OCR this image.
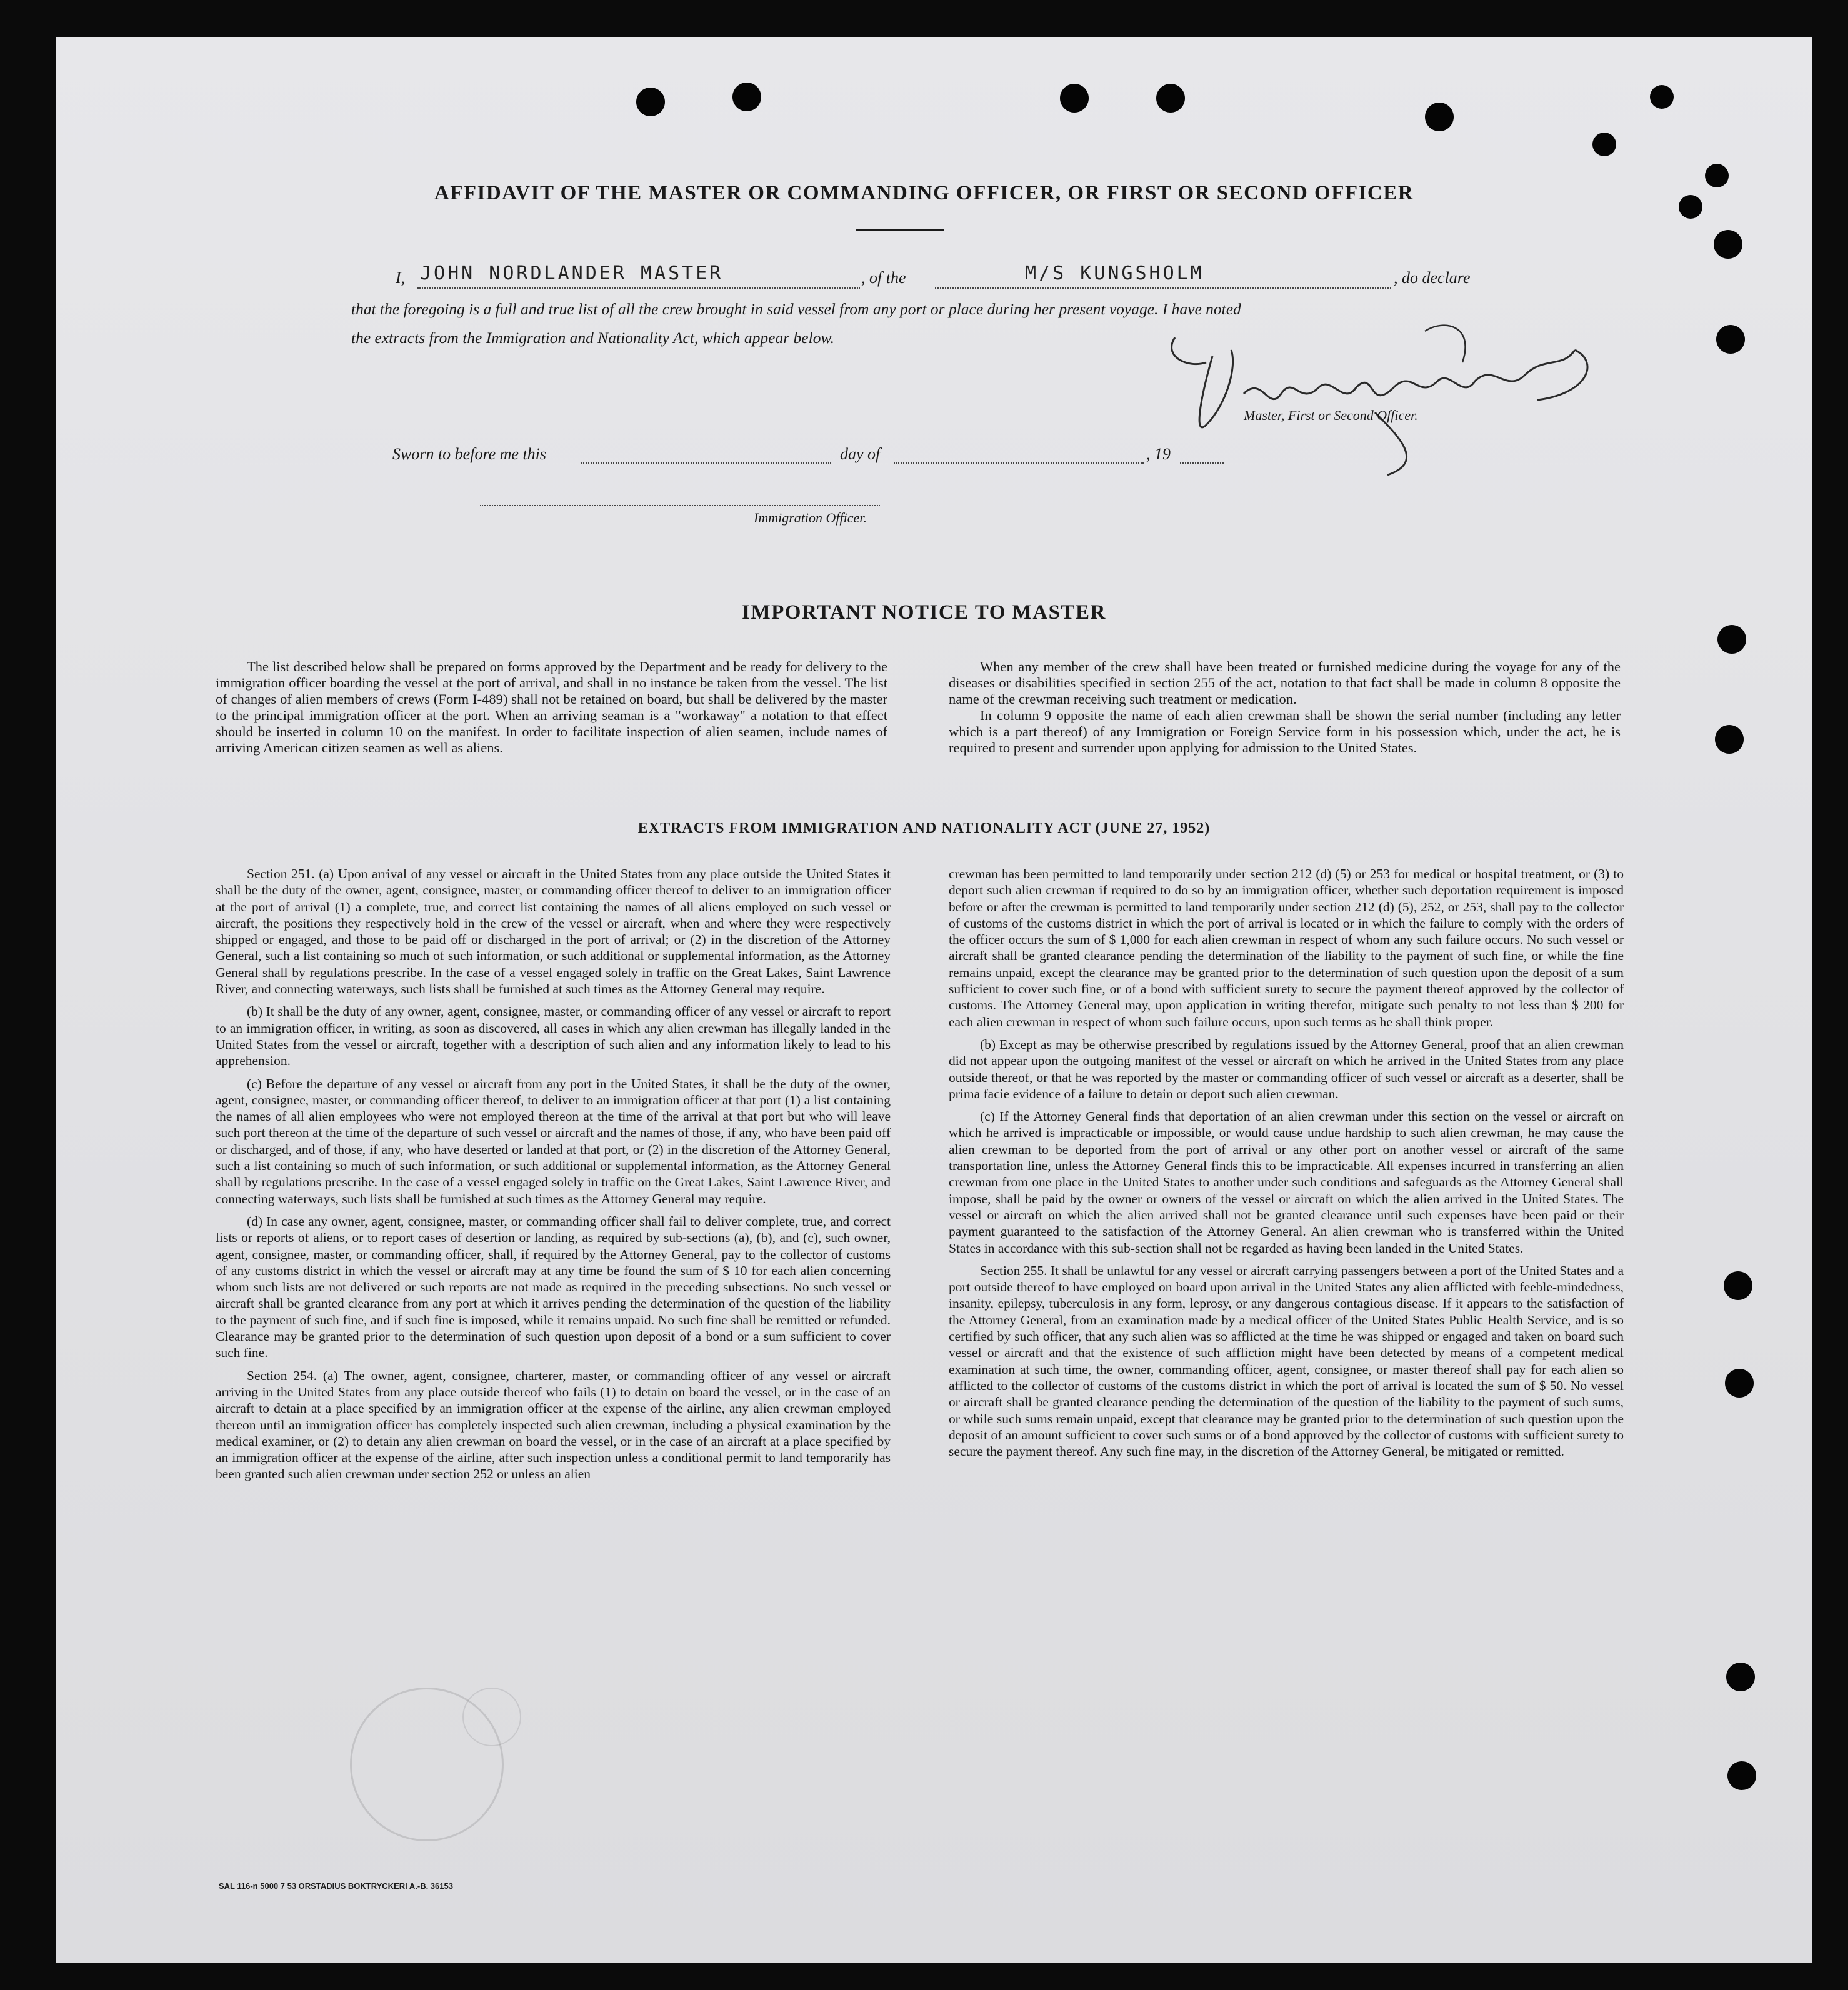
AFFIDAVIT OF THE MASTER OR COMMANDING OFFICER, OR FIRST OR SECOND OFFICER
I, JOHN NORDLANDER MASTER	, of the	M/S KUNGSHOLM	, do declare
that the foregoing is a full and true list of all the crew brought in said vessel from any port or place during her present voyage. I have noted
the extracts from the Immigration and Nationality Act, which appear below.
Master, First or Second Officer.
Sworn to before me this	day of	, 19
Immigration Officer.
IMPORTANT NOTICE TO MASTER

The list described below shall be prepared on forms approved by the Department and be ready for delivery to the immigration officer boarding the vessel at the port of arrival, and shall in no instance be taken from the vessel. The list of changes of alien members of crews (Form I-489) shall not be retained on board, but shall be delivered by the master to the principal immigration officer at the port. When an arriving seaman is a "workaway" a notation to that effect should be inserted in column 10 on the manifest. In order to facilitate inspection of alien seamen, include names of arriving American citizen seamen as well as aliens.

When any member of the crew shall have been treated or furnished medicine during the voyage for any of the diseases or disabilities specified in section 255 of the act, notation to that fact shall be made in column 8 opposite the name of the crewman receiving such treatment or medication.

In column 9 opposite the name of each alien crewman shall be shown the serial number (including any letter which is a part thereof) of any Immigration or Foreign Service form in his possession which, under the act, he is required to present and surrender upon applying for admission to the United States.

EXTRACTS FROM IMMIGRATION AND NATIONALITY ACT (JUNE 27, 1952)

Section 251. (a) Upon arrival of any vessel or aircraft in the United States from any place outside the United States it shall be the duty of the owner, agent, consignee, master, or commanding officer thereof to deliver to an immigration officer at the port of arrival (1) a complete, true, and correct list containing the names of all aliens employed on such vessel or aircraft, the positions they respectively hold in the crew of the vessel or aircraft, when and where they were respectively shipped or engaged, and those to be paid off or discharged in the port of arrival; or (2) in the discretion of the Attorney General, such a list containing so much of such information, or such additional or supplemental information, as the Attorney General shall by regulations prescribe. In the case of a vessel engaged solely in traffic on the Great Lakes, Saint Lawrence River, and connecting waterways, such lists shall be furnished at such times as the Attorney General may require.

(b) It shall be the duty of any owner, agent, consignee, master, or commanding officer of any vessel or aircraft to report to an immigration officer, in writing, as soon as discovered, all cases in which any alien crewman has illegally landed in the United States from the vessel or aircraft, together with a description of such alien and any information likely to lead to his apprehension.

(c) Before the departure of any vessel or aircraft from any port in the United States, it shall be the duty of the owner, agent, consignee, master, or commanding officer thereof, to deliver to an immigration officer at that port (1) a list containing the names of all alien employees who were not employed thereon at the time of the arrival at that port but who will leave such port thereon at the time of the departure of such vessel or aircraft and the names of those, if any, who have been paid off or discharged, and of those, if any, who have deserted or landed at that port, or (2) in the discretion of the Attorney General, such a list containing so much of such information, or such additional or supplemental information, as the Attorney General shall by regulations prescribe. In the case of a vessel engaged solely in traffic on the Great Lakes, Saint Lawrence River, and connecting waterways, such lists shall be furnished at such times as the Attorney General may require.

(d) In case any owner, agent, consignee, master, or commanding officer shall fail to deliver complete, true, and correct lists or reports of aliens, or to report cases of desertion or landing, as required by sub-sections (a), (b), and (c), such owner, agent, consignee, master, or commanding officer, shall, if required by the Attorney General, pay to the collector of customs of any customs district in which the vessel or aircraft may at any time be found the sum of $ 10 for each alien concerning whom such lists are not delivered or such reports are not made as required in the preceding subsections. No such vessel or aircraft shall be granted clearance from any port at which it arrives pending the determination of the question of the liability to the payment of such fine, and if such fine is imposed, while it remains unpaid. No such fine shall be remitted or refunded. Clearance may be granted prior to the determination of such question upon deposit of a bond or a sum sufficient to cover such fine.

Section 254. (a) The owner, agent, consignee, charterer, master, or commanding officer of any vessel or aircraft arriving in the United States from any place outside thereof who fails (1) to detain on board the vessel, or in the case of an aircraft to detain at a place specified by an immigration officer at the expense of the airline, any alien crewman employed thereon until an immigration officer has completely inspected such alien crewman, including a physical examination by the medical examiner, or (2) to detain any alien crewman on board the vessel, or in the case of an aircraft at a place specified by an immigration officer at the expense of the airline, after such inspection unless a conditional permit to land temporarily has been granted such alien crewman under section 252 or unless an alien

crewman has been permitted to land temporarily under section 212 (d) (5) or 253 for medical or hospital treatment, or (3) to deport such alien crewman if required to do so by an immigration officer, whether such deportation requirement is imposed before or after the crewman is permitted to land temporarily under section 212 (d) (5), 252, or 253, shall pay to the collector of customs of the customs district in which the port of arrival is located or in which the failure to comply with the orders of the officer occurs the sum of $ 1,000 for each alien crewman in respect of whom any such failure occurs. No such vessel or aircraft shall be granted clearance pending the determination of the liability to the payment of such fine, or while the fine remains unpaid, except the clearance may be granted prior to the determination of such question upon the deposit of a sum sufficient to cover such fine, or of a bond with sufficient surety to secure the payment thereof approved by the collector of customs. The Attorney General may, upon application in writing therefor, mitigate such penalty to not less than $ 200 for each alien crewman in respect of whom such failure occurs, upon such terms as he shall think proper.

(b) Except as may be otherwise prescribed by regulations issued by the Attorney General, proof that an alien crewman did not appear upon the outgoing manifest of the vessel or aircraft on which he arrived in the United States from any place outside thereof, or that he was reported by the master or commanding officer of such vessel or aircraft as a deserter, shall be prima facie evidence of a failure to detain or deport such alien crewman.

(c) If the Attorney General finds that deportation of an alien crewman under this section on the vessel or aircraft on which he arrived is impracticable or impossible, or would cause undue hardship to such alien crewman, he may cause the alien crewman to be deported from the port of arrival or any other port on another vessel or aircraft of the same transportation line, unless the Attorney General finds this to be impracticable. All expenses incurred in transferring an alien crewman from one place in the United States to another under such conditions and safeguards as the Attorney General shall impose, shall be paid by the owner or owners of the vessel or aircraft on which the alien arrived in the United States. The vessel or aircraft on which the alien arrived shall not be granted clearance until such expenses have been paid or their payment guaranteed to the satisfaction of the Attorney General. An alien crewman who is transferred within the United States in accordance with this sub-section shall not be regarded as having been landed in the United States.

Section 255. It shall be unlawful for any vessel or aircraft carrying passengers between a port of the United States and a port outside thereof to have employed on board upon arrival in the United States any alien afflicted with feeble-mindedness, insanity, epilepsy, tuberculosis in any form, leprosy, or any dangerous contagious disease. If it appears to the satisfaction of the Attorney General, from an examination made by a medical officer of the United States Public Health Service, and is so certified by such officer, that any such alien was so afflicted at the time he was shipped or engaged and taken on board such vessel or aircraft and that the existence of such affliction might have been detected by means of a competent medical examination at such time, the owner, commanding officer, agent, consignee, or master thereof shall pay for each alien so afflicted to the collector of customs of the customs district in which the port of arrival is located the sum of $ 50. No vessel or aircraft shall be granted clearance pending the determination of the question of the liability to the payment of such sums, or while such sums remain unpaid, except that clearance may be granted prior to the determination of such question upon the deposit of an amount sufficient to cover such sums or of a bond approved by the collector of customs with sufficient surety to secure the payment thereof. Any such fine may, in the discretion of the Attorney General, be mitigated or remitted.

SAL 116-n 5000 7 53 ORSTADIUS BOKTRYCKERI A.-B. 36153
